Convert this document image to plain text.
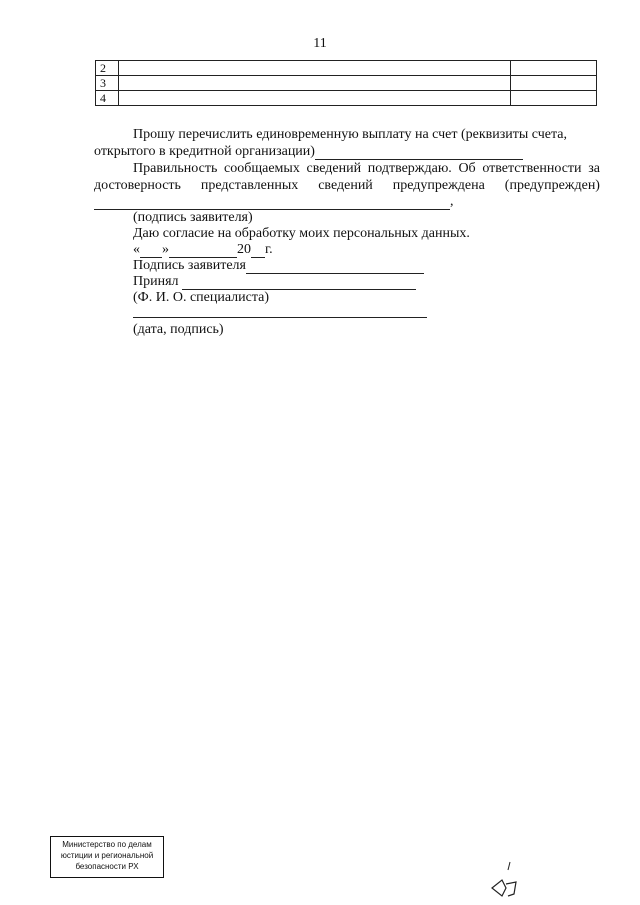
11
2		
3		
4		
Прошу перечислить единовременную выплату на счет (реквизиты счета,
открытого в кредитной организации)
Правильность сообщаемых сведений подтверждаю. Об ответственности за
достоверность представленных сведений предупреждена (предупрежден)
,
(подпись заявителя)
Даю согласие на обработку моих персональных данных.
« »	20 г.
Подпись заявителя
Принял
(Ф. И. О. специалиста)
(дата, подпись)
Министерство по делам
юстиции и региональной
безопасности РХ
